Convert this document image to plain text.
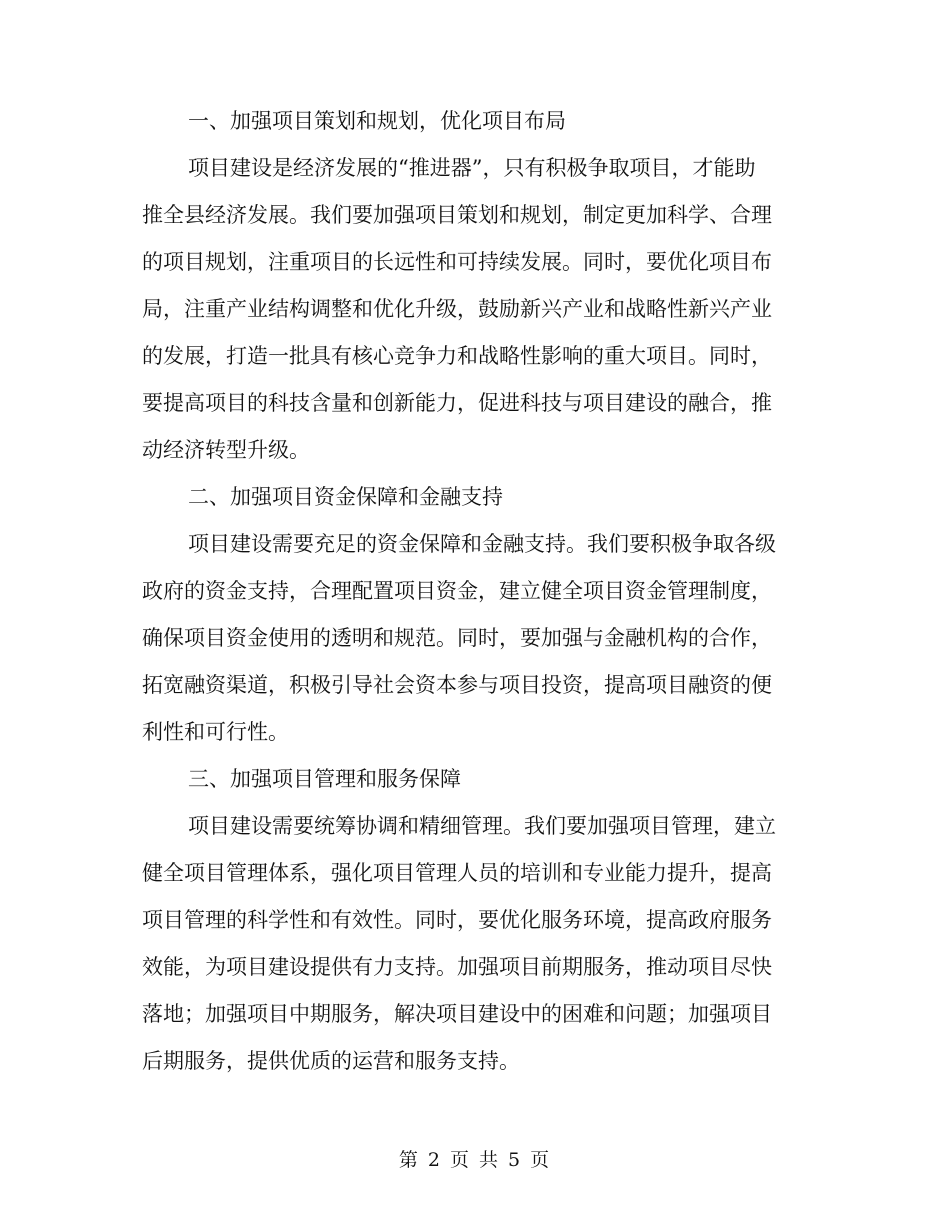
一、加强项目策划和规划，优化项目布局

项目建设是经济发展的“推进器”，只有积极争取项目，才能助
推全县经济发展。我们要加强项目策划和规划，制定更加科学、合理
的项目规划，注重项目的长远性和可持续发展。同时，要优化项目布
局，注重产业结构调整和优化升级，鼓励新兴产业和战略性新兴产业
的发展，打造一批具有核心竞争力和战略性影响的重大项目。同时，
要提高项目的科技含量和创新能力，促进科技与项目建设的融合，推
动经济转型升级。

二、加强项目资金保障和金融支持

项目建设需要充足的资金保障和金融支持。我们要积极争取各级
政府的资金支持，合理配置项目资金，建立健全项目资金管理制度，
确保项目资金使用的透明和规范。同时，要加强与金融机构的合作，
拓宽融资渠道，积极引导社会资本参与项目投资，提高项目融资的便
利性和可行性。

三、加强项目管理和服务保障

项目建设需要统筹协调和精细管理。我们要加强项目管理，建立
健全项目管理体系，强化项目管理人员的培训和专业能力提升，提高
项目管理的科学性和有效性。同时，要优化服务环境，提高政府服务
效能，为项目建设提供有力支持。加强项目前期服务，推动项目尽快
落地；加强项目中期服务，解决项目建设中的困难和问题；加强项目
后期服务，提供优质的运营和服务支持。

第 2 页 共 5 页
